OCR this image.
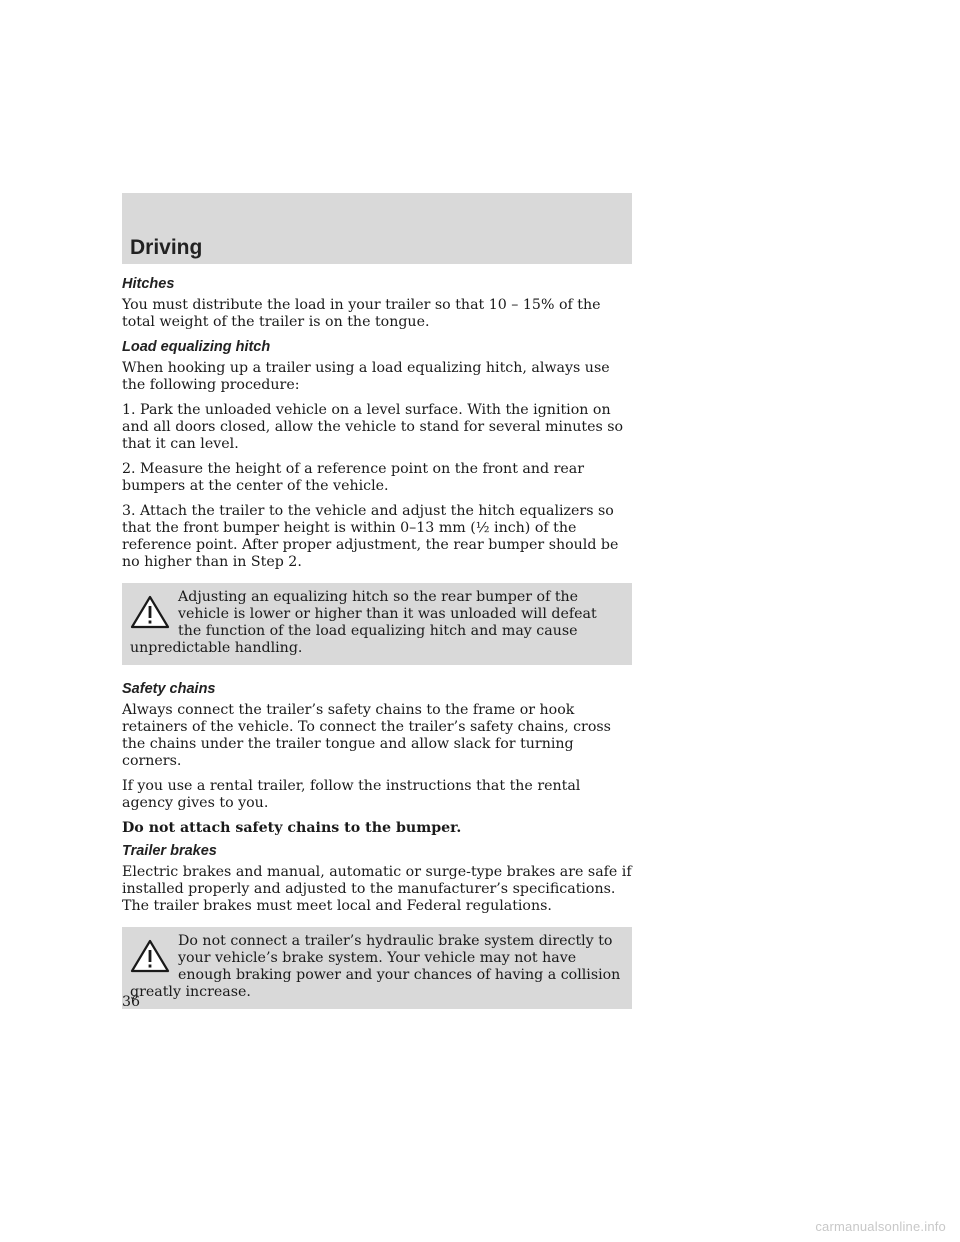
Driving
Hitches

You must distribute the load in your trailer so that 10 – 15% of the total weight of the trailer is on the tongue.

Load equalizing hitch

When hooking up a trailer using a load equalizing hitch, always use the following procedure:

1. Park the unloaded vehicle on a level surface. With the ignition on and all doors closed, allow the vehicle to stand for several minutes so that it can level.

2. Measure the height of a reference point on the front and rear bumpers at the center of the vehicle.

3. Attach the trailer to the vehicle and adjust the hitch equalizers so that the front bumper height is within 0–13 mm (½ inch) of the reference point. After proper adjustment, the rear bumper should be no higher than in Step 2.

Adjusting an equalizing hitch so the rear bumper of the vehicle is lower or higher than it was unloaded will defeat the function of the load equalizing hitch and may cause unpredictable handling.
Safety chains

Always connect the trailer’s safety chains to the frame or hook retainers of the vehicle. To connect the trailer’s safety chains, cross the chains under the trailer tongue and allow slack for turning corners.

If you use a rental trailer, follow the instructions that the rental agency gives to you.

Do not attach safety chains to the bumper.

Trailer brakes

Electric brakes and manual, automatic or surge-type brakes are safe if installed properly and adjusted to the manufacturer’s specifications. The trailer brakes must meet local and Federal regulations.

Do not connect a trailer’s hydraulic brake system directly to your vehicle’s brake system. Your vehicle may not have enough braking power and your chances of having a collision greatly increase.
36
carmanualsonline.info
